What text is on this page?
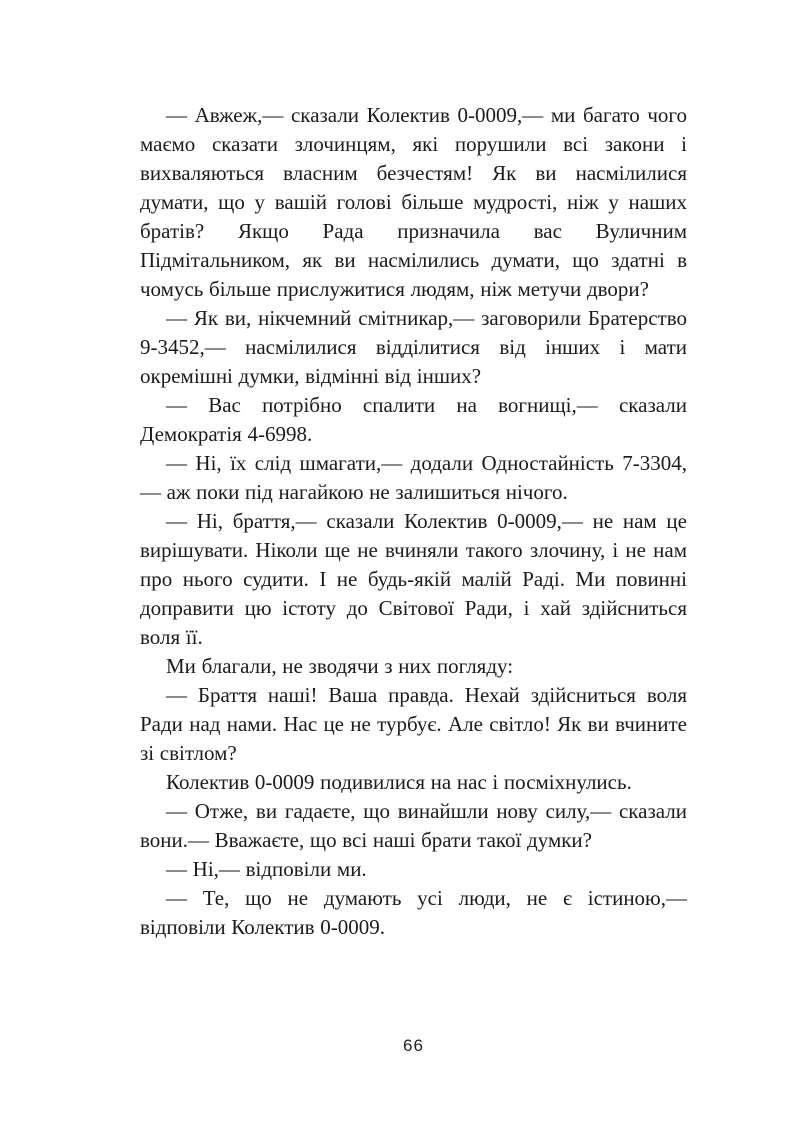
— Авжеж,— сказали Колектив 0-0009,— ми багато чого маємо сказати злочинцям, які порушили всі закони і вихваляються власним безчестям! Як ви насмілилися думати, що у вашій голові більше мудрості, ніж у наших братів? Якщо Рада призначила вас Вуличним Підмітальником, як ви насмілились думати, що здатні в чомусь більше прислужитися людям, ніж метучи двори?

— Як ви, нікчемний смітникар,— заговорили Братерство 9-3452,— насмілилися відділитися від інших і мати окремішні думки, відмінні від інших?

— Вас потрібно спалити на вогнищі,— сказали Демократія 4-6998.

— Ні, їх слід шмагати,— додали Одностайність 7-3304,— аж поки під нагайкою не залишиться нічого.

— Ні, браття,— сказали Колектив 0-0009,— не нам це вирішувати. Ніколи ще не вчиняли такого злочину, і не нам про нього судити. І не будь-якій малій Раді. Ми повинні доправити цю істоту до Світової Ради, і хай здійсниться воля її.

Ми благали, не зводячи з них погляду:

— Браття наші! Ваша правда. Нехай здійсниться воля Ради над нами. Нас це не турбує. Але світло! Як ви вчините зі світлом?

Колектив 0-0009 подивилися на нас і посміхнулись.

— Отже, ви гадаєте, що винайшли нову силу,— сказали вони.— Вважаєте, що всі наші брати такої думки?

— Ні,— відповіли ми.

— Те, що не думають усі люди, не є істиною,— відповіли Колектив 0-0009.

66
